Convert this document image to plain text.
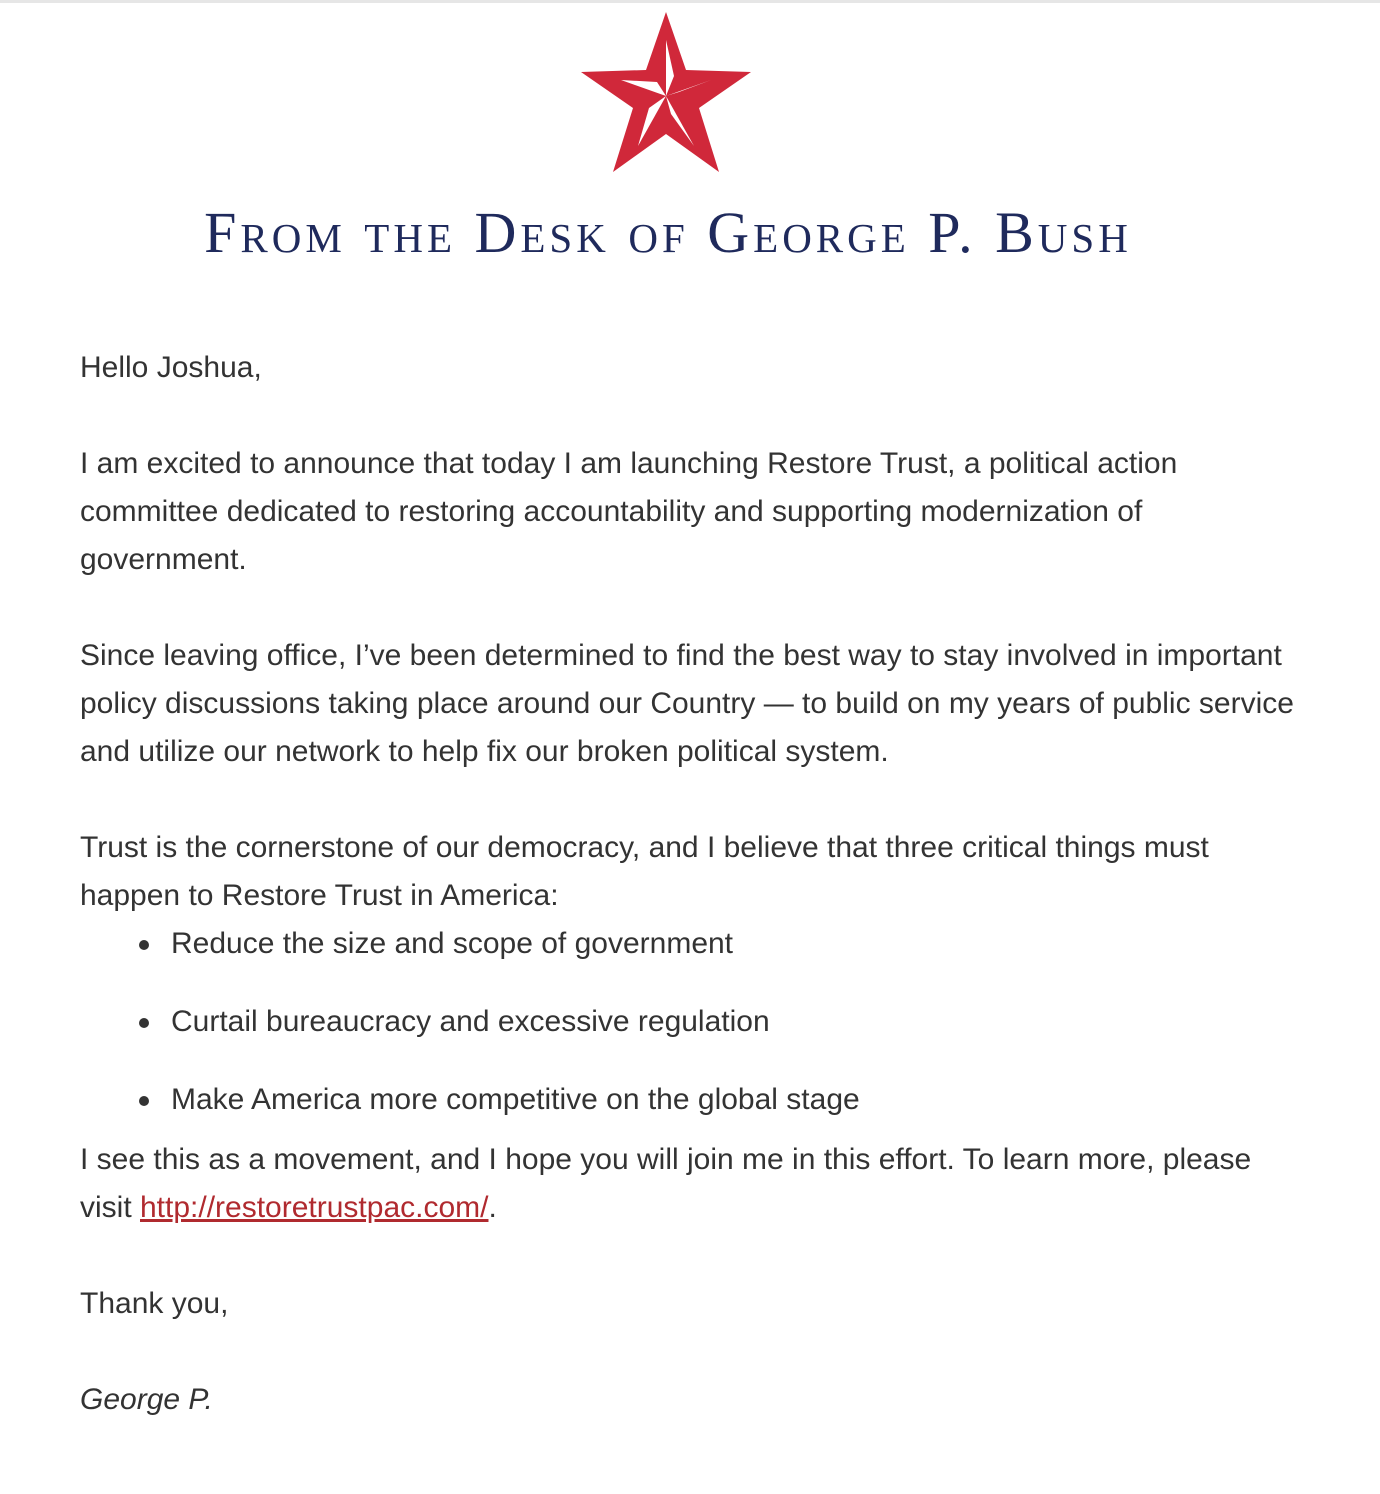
From the Desk of George P. Bush

Hello Joshua,

I am excited to announce that today I am launching Restore Trust, a political action committee dedicated to restoring accountability and supporting modernization of government.

Since leaving office, I’ve been determined to find the best way to stay involved in important policy discussions taking place around our Country — to build on my years of public service and utilize our network to help fix our broken political system.

Trust is the cornerstone of our democracy, and I believe that three critical things must happen to Restore Trust in America:

Reduce the size and scope of government
Curtail bureaucracy and excessive regulation
Make America more competitive on the global stage

I see this as a movement, and I hope you will join me in this effort. To learn more, please visit http://restoretrustpac.com/.

Thank you,

George P.
